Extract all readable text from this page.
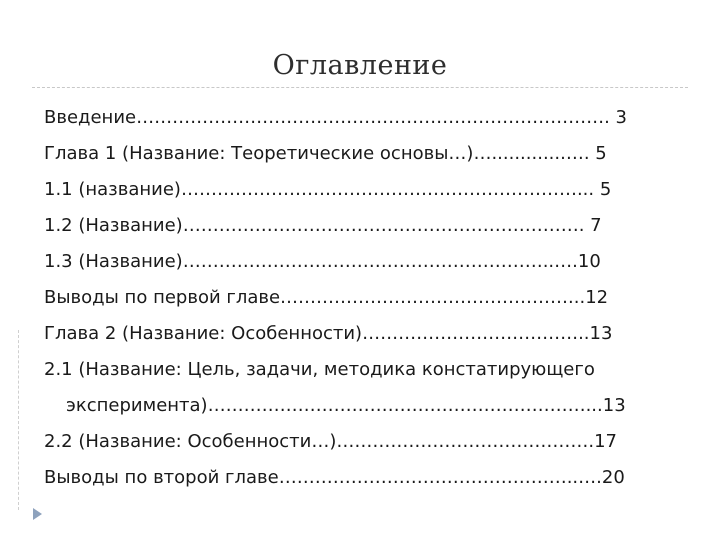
Оглавление
Введение……………………………………………………………………. 3
Глава 1 (Название: Теоретические основы…)….............…. 5
1.1 (название)…………………………………………………………... 5
1.2 (Название)…………………………………………………………. 7
1.3 (Название)……………………………………………………..….10
Выводы по первой главе…………………………………………...12
Глава 2 (Название: Особенности)………………………………..13
2.1 (Название: Цель, задачи, методика констатирующего
эксперимента)………………………………………………………...13
2.2 (Название: Особенности…)…………………………………….17
Выводы по второй главе…………………………………………..….20
